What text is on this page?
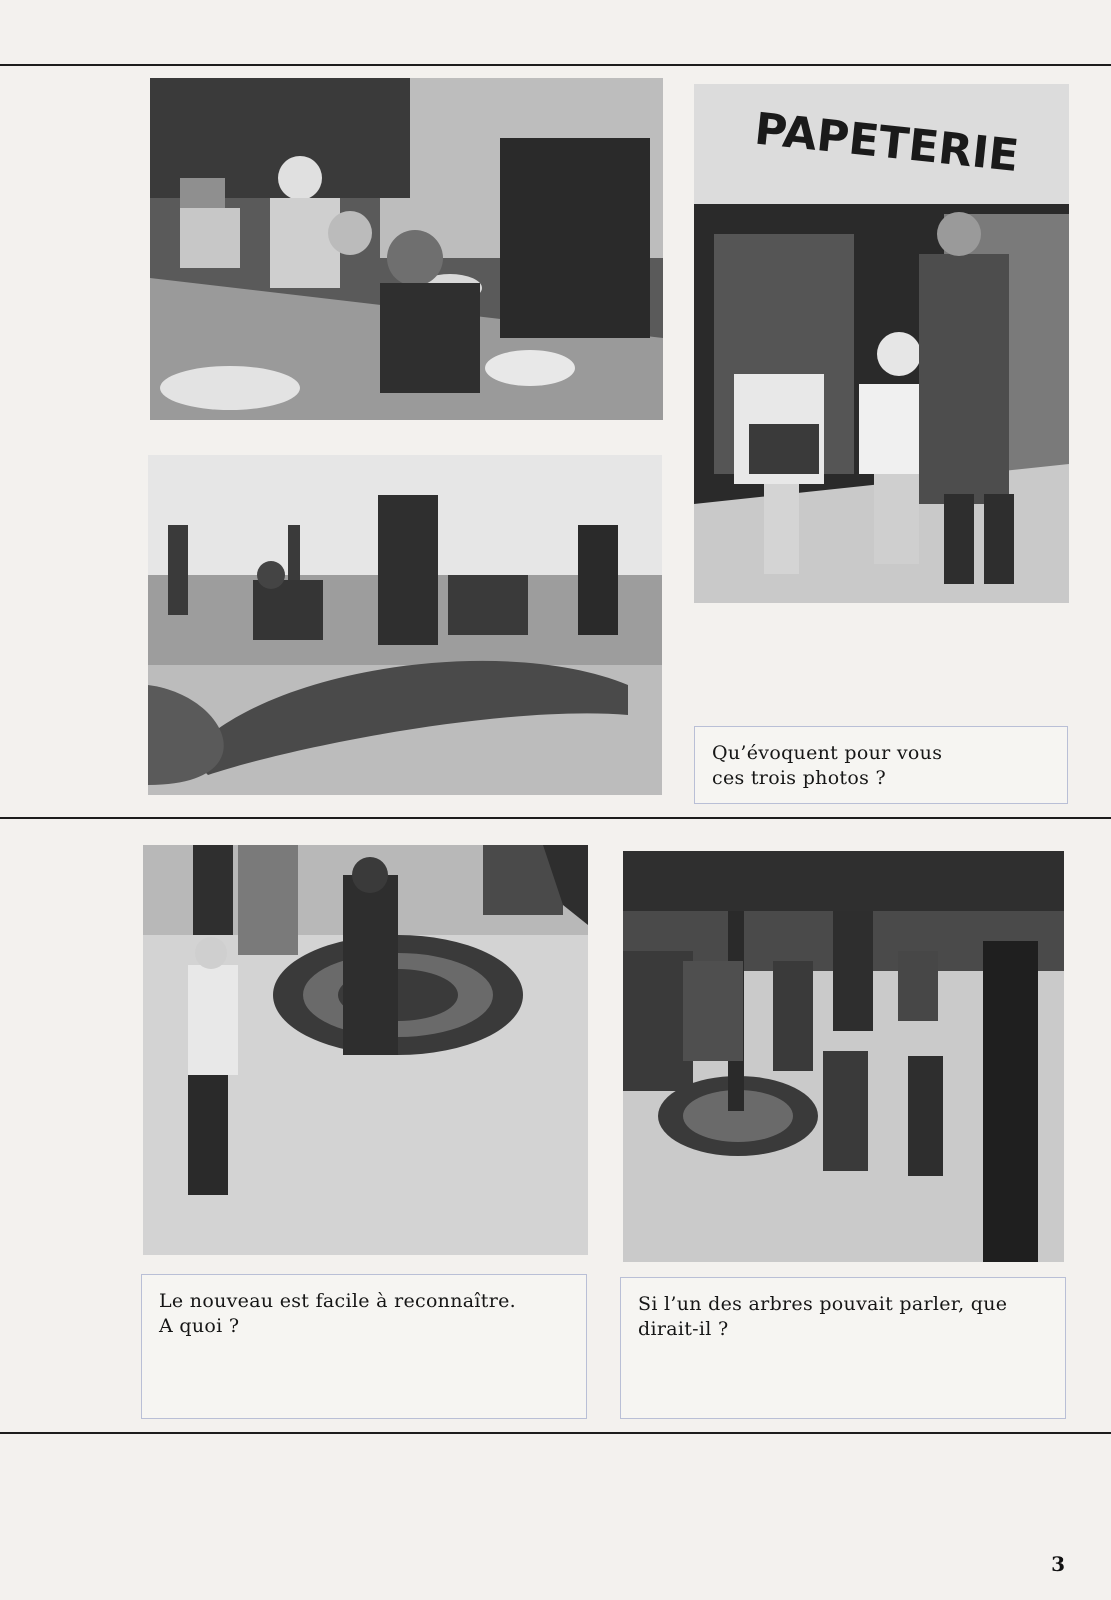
PAPETERIE
Qu’évoquent pour vous
ces trois photos ?
Le nouveau est facile à reconnaître.
A quoi ?
Si l’un des arbres pouvait parler, que
dirait-il ?
3
